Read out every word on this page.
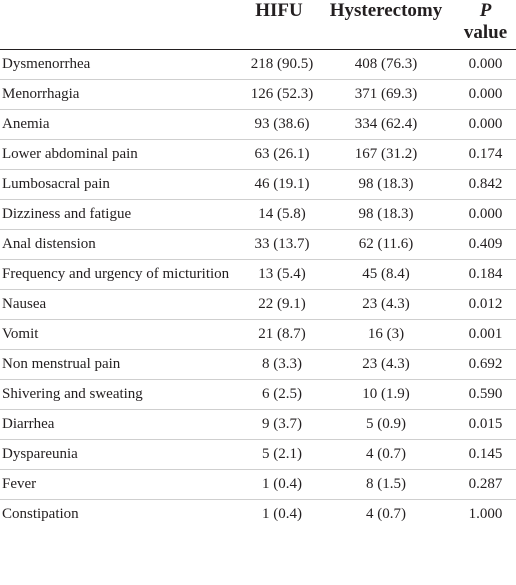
	HIFU	Hysterectomy	P
value

Dysmenorrhea	218 (90.5)	408 (76.3)	0.000
Menorrhagia	126 (52.3)	371 (69.3)	0.000
Anemia	93 (38.6)	334 (62.4)	0.000
Lower abdominal pain	63 (26.1)	167 (31.2)	0.174
Lumbosacral pain	46 (19.1)	98 (18.3)	0.842
Dizziness and fatigue	14 (5.8)	98 (18.3)	0.000
Anal distension	33 (13.7)	62 (11.6)	0.409
Frequency and urgency of micturition	13 (5.4)	45 (8.4)	0.184
Nausea	22 (9.1)	23 (4.3)	0.012
Vomit	21 (8.7)	16 (3)	0.001
Non menstrual pain	8 (3.3)	23 (4.3)	0.692
Shivering and sweating	6 (2.5)	10 (1.9)	0.590
Diarrhea	9 (3.7)	5 (0.9)	0.015
Dyspareunia	5 (2.1)	4 (0.7)	0.145
Fever	1 (0.4)	8 (1.5)	0.287
Constipation	1 (0.4)	4 (0.7)	1.000
